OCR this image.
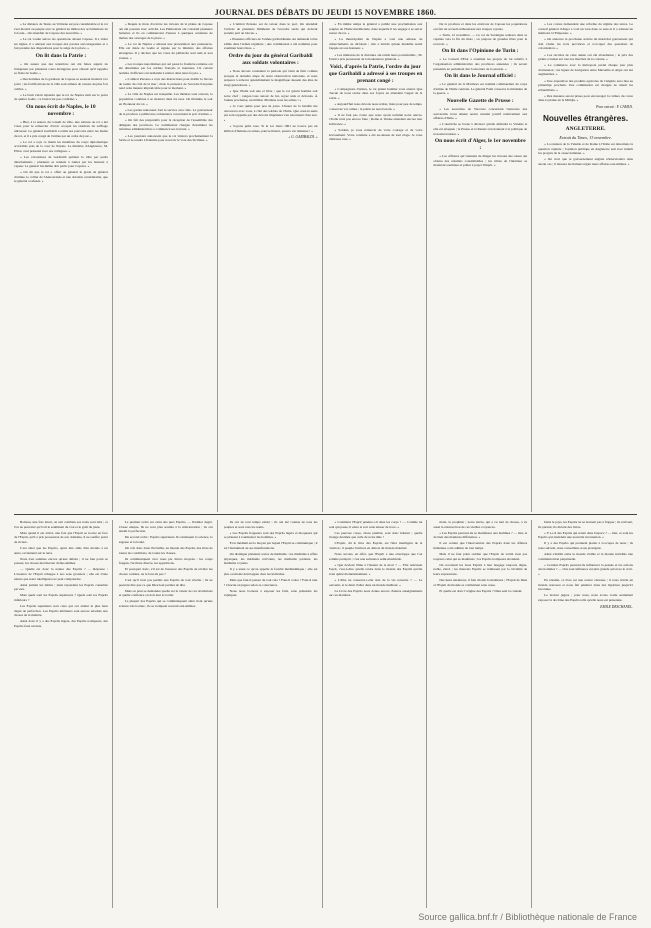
JOURNAL DES DÉBATS DU JEUDI 15 NOVEMBRE 1860.

« La distance de Teano au Volturne est peu considérable et le roi s'est montré au peuple avec le général au milieu des acclamations de la foule... On attendait de Capoue des nouvelles. »

« Le roi voulut suivre les opérations devant Capoue. Il a visité les lignes, il a adressé aux troupes des paroles encourageantes et a fait prendre des dispositions pour le siège de la place. »

On lit dans la Patrie :

« On assure que des tentatives ont été faites auprès de l'empereur par plusieurs cours étrangères pour obtenir qu'il rappelle sa flotte de Gaëte. »

« Des hommes de la garnison de Capoue se seraient montrés à la porte ; les fortifications de la ville sont armées de canons du plus fort calibre. »

« Le bruit s'était répandu que le roi de Naples était sur le point de quitter Gaëte ; ce bruit n'est pas confirmé. »

On nous écrit de Naples, le 10 novembre :

« Hier, à la séance du conseil de ville, une adresse au roi a été votée pour le remercier d'avoir accepté les résultats du suffrage universel. Le général Garibaldi a remis ses pouvoirs entre les mains du roi, et il a pris congé de l'armée par un ordre du jour. »

« Le roi a reçu ce matin les membres du corps diplomatique accrédités près de la cour de Naples. Le ministre d'Angleterre, M. Elliot, s'est présenté avec ses collègues. »

« Les volontaires de Garibaldi quittent la ville par petits détachements ; plusieurs se rendent à Gênes par les bateaux à vapeur. Le général lui-même doit partir pour Caprera. »

« On dit que le roi a offert au général le grade de général d'armée, le collier de l'Annonciade et une dotation considérable, que le général a refusés. »

« Depuis le mois d'octobre les travaux de la plaine de Capoue ont été poussés avec activité. Les Piémontais ont construit plusieurs batteries et ils en commencent d'autres à quelques centaines de mètres des ouvrages de la place. »

« Le roi de Naples a adressé une protestation aux puissances. Elle est datée de Gaëte et signée par le ministre des affaires étrangères. Il y déclare que les votes du plébiscite sont nuls et non avenus. »

« Les troupes napolitaines qui ont passé la frontière romaine ont été désarmées par les soldats français et internées. Un certain nombre d'officiers ont demandé à rentrer dans leurs foyers. »

« L'amiral Persano a reçu des instructions pour établir le blocus de Gaëte du côté de la mer ; mais la présence de l'escadre française rend cette mesure impraticable pour le moment. »

« La ville de Naples est tranquille. Les théâtres sont ouverts, la population continue à se montrer dans les rues. On illumine le soir en l'honneur du roi. »

« Les gardes nationaux font le service avec zèle. Le gouverneur de la province a publié une ordonnance concernant le port d'armes. »

« On fait des préparatifs pour la réception de l'assemblée des délégués des provinces. La commission chargée d'examiner les réformes administratives a commencé ses travaux. »

« Les journaux annoncent que le roi visitera prochainement la Sicile et se rendra à Palerme pour recevoir le vote des Siciliens. »

« L'amiral Persano est de retour dans le port. On attendait l'arrivée de plusieurs bâtiments de l'escadre sarde qui doivent prendre part au blocus. »

« Plusieurs officiers de l'armée garibaldienne ont demandé à être admis dans l'armée régulière ; une commission a été nommée pour examiner leurs titres. »

Ordre du jour du général Garibaldi aux soldats volontaires :

« Nous devons considérer la période qui vient de finir comme presque la dernière étape de notre résurrection nationale, et nous préparer à achever splendidement le magnifique dessein des élus de vingt générations. »

« Que l'Italie soit une et libre ; que le roi galant homme soit notre chef ; rangez-vous autour de lui, soyez unis et dévoués. À l'année prochaine, un million d'Italiens sous les armes ! »

« Je vous quitte pour peu de jours. L'heure de la bataille me retrouvera avec vous, à côté des soldats de l'Italie. Que ceux-là seuls qui sont rappelés par des devoirs impérieux s'en retournent chez eux. »

« Soyons prêts tous. Si le 1er mars 1861 ne trouve pas un million d'Italiens en armes, pauvre liberté, pauvre vie italienne ! »

« G. GARIBALDI. »

« En même temps le général a publié une proclamation aux peuples de l'Italie méridionale, dans laquelle il les engage à se serrer autour du roi. »

« La municipalité de Naples a voté une adresse de remerciements au dictateur ; elle a décidé qu'une médaille serait frappée en son honneur. »

« Les ministres de la dictature ont remis leurs portefeuilles ; M. Farini a pris possession de la lieutenance générale. »

Voici, d'après la Patrie, l'ordre du jour que Garibaldi a adressé à ses troupes en prenant congé :

« Compagnons d'armes, le roi galant homme vous attend. Que chacun de nous rentre dans ses foyers en attendant l'appel de la patrie. »

« Aujourd'hui nous devons nous retirer, mais pour peu de temps. Conservez vos armes ; la patrie en aura besoin. »

« Il ne faut pas croire que nous ayons terminé notre œuvre. L'Italie n'est pas encore faite ; Rome et Venise attendent encore leur délivrance. »

« Soldats, je vous remercie de votre courage et de votre dévouement. Votre conduite a été au-dessus de tout éloge. Je vous embrasse tous. »

De la province et dans les environs de Capoue les populations ont fait un accueil enthousiaste aux troupes royales.

« Turin, 12 novembre. — Le roi de Sardaigne rentrera dans sa capitale vers la fin du mois ; on prépare de grandes fêtes pour le recevoir. »

On lit dans l'Opinione de Turin :

« Le Conseil d'Etat a examiné les projets de loi relatifs à l'organisation administrative des provinces annexées ; ils seront présentés au parlement dès l'ouverture de la session. »

On lit dans le Journal officiel :

« Le général de la Marmora est nommé commandant du corps d'armée de l'Italie centrale. Le général Fanti conserve le ministère de la guerre. »

Nouvelle Gazette de Prusse :

« Les nouvelles de Varsovie concernant l'entrevue des souverains n'ont amené aucun résultat positif relativement aux affaires d'Italie. »

« L'Autriche se borne à déclarer qu'elle défendra la Vénétie si elle est attaquée ; la Prusse et la Russie s'en tiennent à la politique de non-intervention. »

On nous écrit d'Alger, le 1er novembre :

« Les officiers qui viennent de diriger les travaux des routes ont obtenu des résultats considérables ; les tribus de l'intérieur se montrent soumises et prêtes à payer l'impôt. »

« Les colons demandent une réforme du régime des terres. Le conseil général d'Alger a voté un vœu dans ce sens et il a adressé un mémoire à l'Empereur. »

« On annonce la prochaine arrivée du maréchal gouverneur qui doit visiter les trois provinces et s'occuper des questions de colonisation. »

« Les récoltes de cette année ont été abondantes ; le prix des grains a baissé sur tous les marchés de la colonie. »

« Le commerce avec la métropole prend chaque jour plus d'extension ; les lignes de navigation entre Marseille et Alger ont été augmentées. »

« Une exposition des produits agricoles de l'Algérie aura lieu au printemps prochain. Une commission est chargée de réunir les échantillons. »

« Des mesures seront prises pour encourager la culture du coton dans la plaine de la Mitidja. »

Pour extrait : F. CAMUS.
Nouvelles étrangères.
ANGLETERRE.
Extrait du Times, 13 novembre.

« La réunion de la Vénétie et de Rome à l'Italie est désormais la question capitale ; l'opinion publique en Angleterre suit avec intérêt les progrès de la cause italienne. »

« On croit que le gouvernement anglais n'interviendra dans aucun cas ; il laissera les Italiens régler leurs affaires eux-mêmes. »

Boileau, une fois lancé, on sait combien ses traits sont sûrs ; et l'on ne peut nier qu'il ait le sentiment du vrai et le goût du juste.

Mais quand il est arrivé, une fois que l'Esprit se trouve en face de l'Esprit, qu'il a pris possession de son domaine, il ne souffre point de rivaux.

C'est ainsi que les Esprits, après être allés d'un monde à un autre, reviennent sur la terre.

Nous n'en sommes encore qu'aux débuts ; il ne faut point se presser, les choses marcheront d'elles-mêmes.

— Quelle est donc la nature des Esprits ? — Réponse : L'essence de l'Esprit échappe à nos sens grossiers ; elle est d'une nature que notre intelligence ne peut comprendre.

Ainsi parlent les initiés ; ainsi répondent les Esprits consultés par eux.

Mais quels sont les Esprits supérieurs ? Quels sont les Esprits inférieurs ?

Les Esprits supérieurs sont ceux qui ont atteint le plus haut degré de perfection. Les Esprits inférieurs sont encore attachés aux choses de la matière.

Ainsi donc il y a des Esprits légers, des Esprits trompeurs, des Esprits faux savants.

Le premier ordre est celui des purs Esprits. — Premier degré. Classe unique. Ils ne sont plus soumis à la réincarnation ; ils ont atteint la perfection.

Du second ordre : Esprits supérieurs. Ils réunissent la science, la sagesse et la bonté.

On voit donc dans l'invisible, au monde des Esprits, des êtres de toutes les conditions, de toutes les classes.

Ils communiquent avec nous par divers moyens : les coups frappés, l'écriture directe, les apparitions.

Et pourquoi donc, s'il est de l'essence des Esprits de révéler les choses cachées, ne le font-ils pas ?

C'est qu'il n'est pas permis aux Esprits de tout révéler ; ils ne peuvent dire que ce que Dieu leur permet de dire.

Mais on peut se demander quelle est la valeur de ces révélations et quelle confiance on doit leur accorder.

La plupart des Esprits qui se communiquent ainsi n'ont qu'une science très bornée ; ils se trompent souvent eux-mêmes.

Ils ont de tout temps existé ; ils ont été connus de tous les peuples et sous tous les noms.

« Les Esprits frappeurs sont des Esprits légers et moqueurs qui se plaisent à tourmenter les hommes. »

Et le médium est le moyen par lequel l'Esprit se communique ; il est l'instrument de ses manifestations.

On distingue plusieurs sortes de médiums : les médiums à effets physiques, les médiums écrivains, les médiums parlants, les médiums voyants.

Il y a aussi ce qu'on appelle la faculté médianimique ; elle est plus ou moins développée chez les individus.

Mais que faut-il penser de tout cela ? Faut-il croire ? Faut-il nier ? Chacun en jugera selon sa conscience.

Nous nous bornons à exposer les faits, sans prétendre les expliquer.

« Comment l'Esprit pénètre-t-il dans les corps ? — Comme un vent qui passe, il entre et sort sans laisser de trace. »

Ces pauvres corps, chose pénible, sont donc habités ; quelle étrange destinée que celle de notre âme !

L'Esprit, dit le livre des Esprits, est l'être intelligent de la création ; il peuple l'univers en dehors du monde matériel.

Nous savons, en effet, que l'Esprit a une enveloppe que l'on nomme périsprit ; c'est une substance semi-matérielle.

« Que devient l'âme à l'instant de la mort ? — Elle redevient Esprit, c'est-à-dire qu'elle rentre dans le monde des Esprits qu'elle avait quitté momentanément. »

« L'âme ne conserve-t-elle rien de la vie terrestre ? — Le souvenir, et le désir d'aller dans un monde meilleur. »

Le Livre des Esprits nous donne encore d'autres enseignements sur ces matières.

mont, le prophète ; notre siècle, qui a vu tant de choses, a vu aussi la résurrection de ces vieilles croyances.

« Les Esprits peuvent-ils se manifester aux hommes ? — Oui, et de bien des manières différentes. »

Il est certain que l'intervention des Esprits dans les affaires humaines a été admise de tout temps.

Mais il ne faut point oublier que l'Esprit de vérité n'est pas toujours celui qui se manifeste ; les Esprits trompeurs abondent.

On reconnaît les bons Esprits à leur langage toujours digne, noble, élevé ; les mauvais Esprits se trahissent par la trivialité de leurs expressions.

Des deux tendances, il faut choisir la meilleure ; l'Esprit de Dieu et l'Esprit du monde se combattent sans cesse.

Et quelle est donc l'origine des Esprits ? Dieu seul la connaît.

Dans le pays, les Esprits ne se bornent pas à frapper ; ils écrivent, ils parlent, ils dictent des livres.

« Y a-t-il des Esprits qui errent dans l'espace ? — Oui, ce sont les Esprits qui attendent une nouvelle incarnation. »

Il y a des Esprits qui prennent plaisir à s'occuper de nous ; ils nous suivent, nous conseillent, nous protègent.

Ainsi s'établit entre le monde visible et le monde invisible une communication perpétuelle.

« Certains Esprits peuvent-ils influencer la pensée et les actions des hommes ? — Oui, leur influence est plus grande qu'on ne le croit. »

En résumé, ce livre est une œuvre curieuse ; il nous révèle un monde nouveau et nous fait pénétrer dans des mystères jusqu'ici inconnus.

Le lecteur jugera ; pour nous, nous avons voulu seulement exposer la doctrine des Esprits telle qu'elle nous est présentée.

EMILE DESCHANEL.
Source gallica.bnf.fr / Bibliothèque nationale de France
